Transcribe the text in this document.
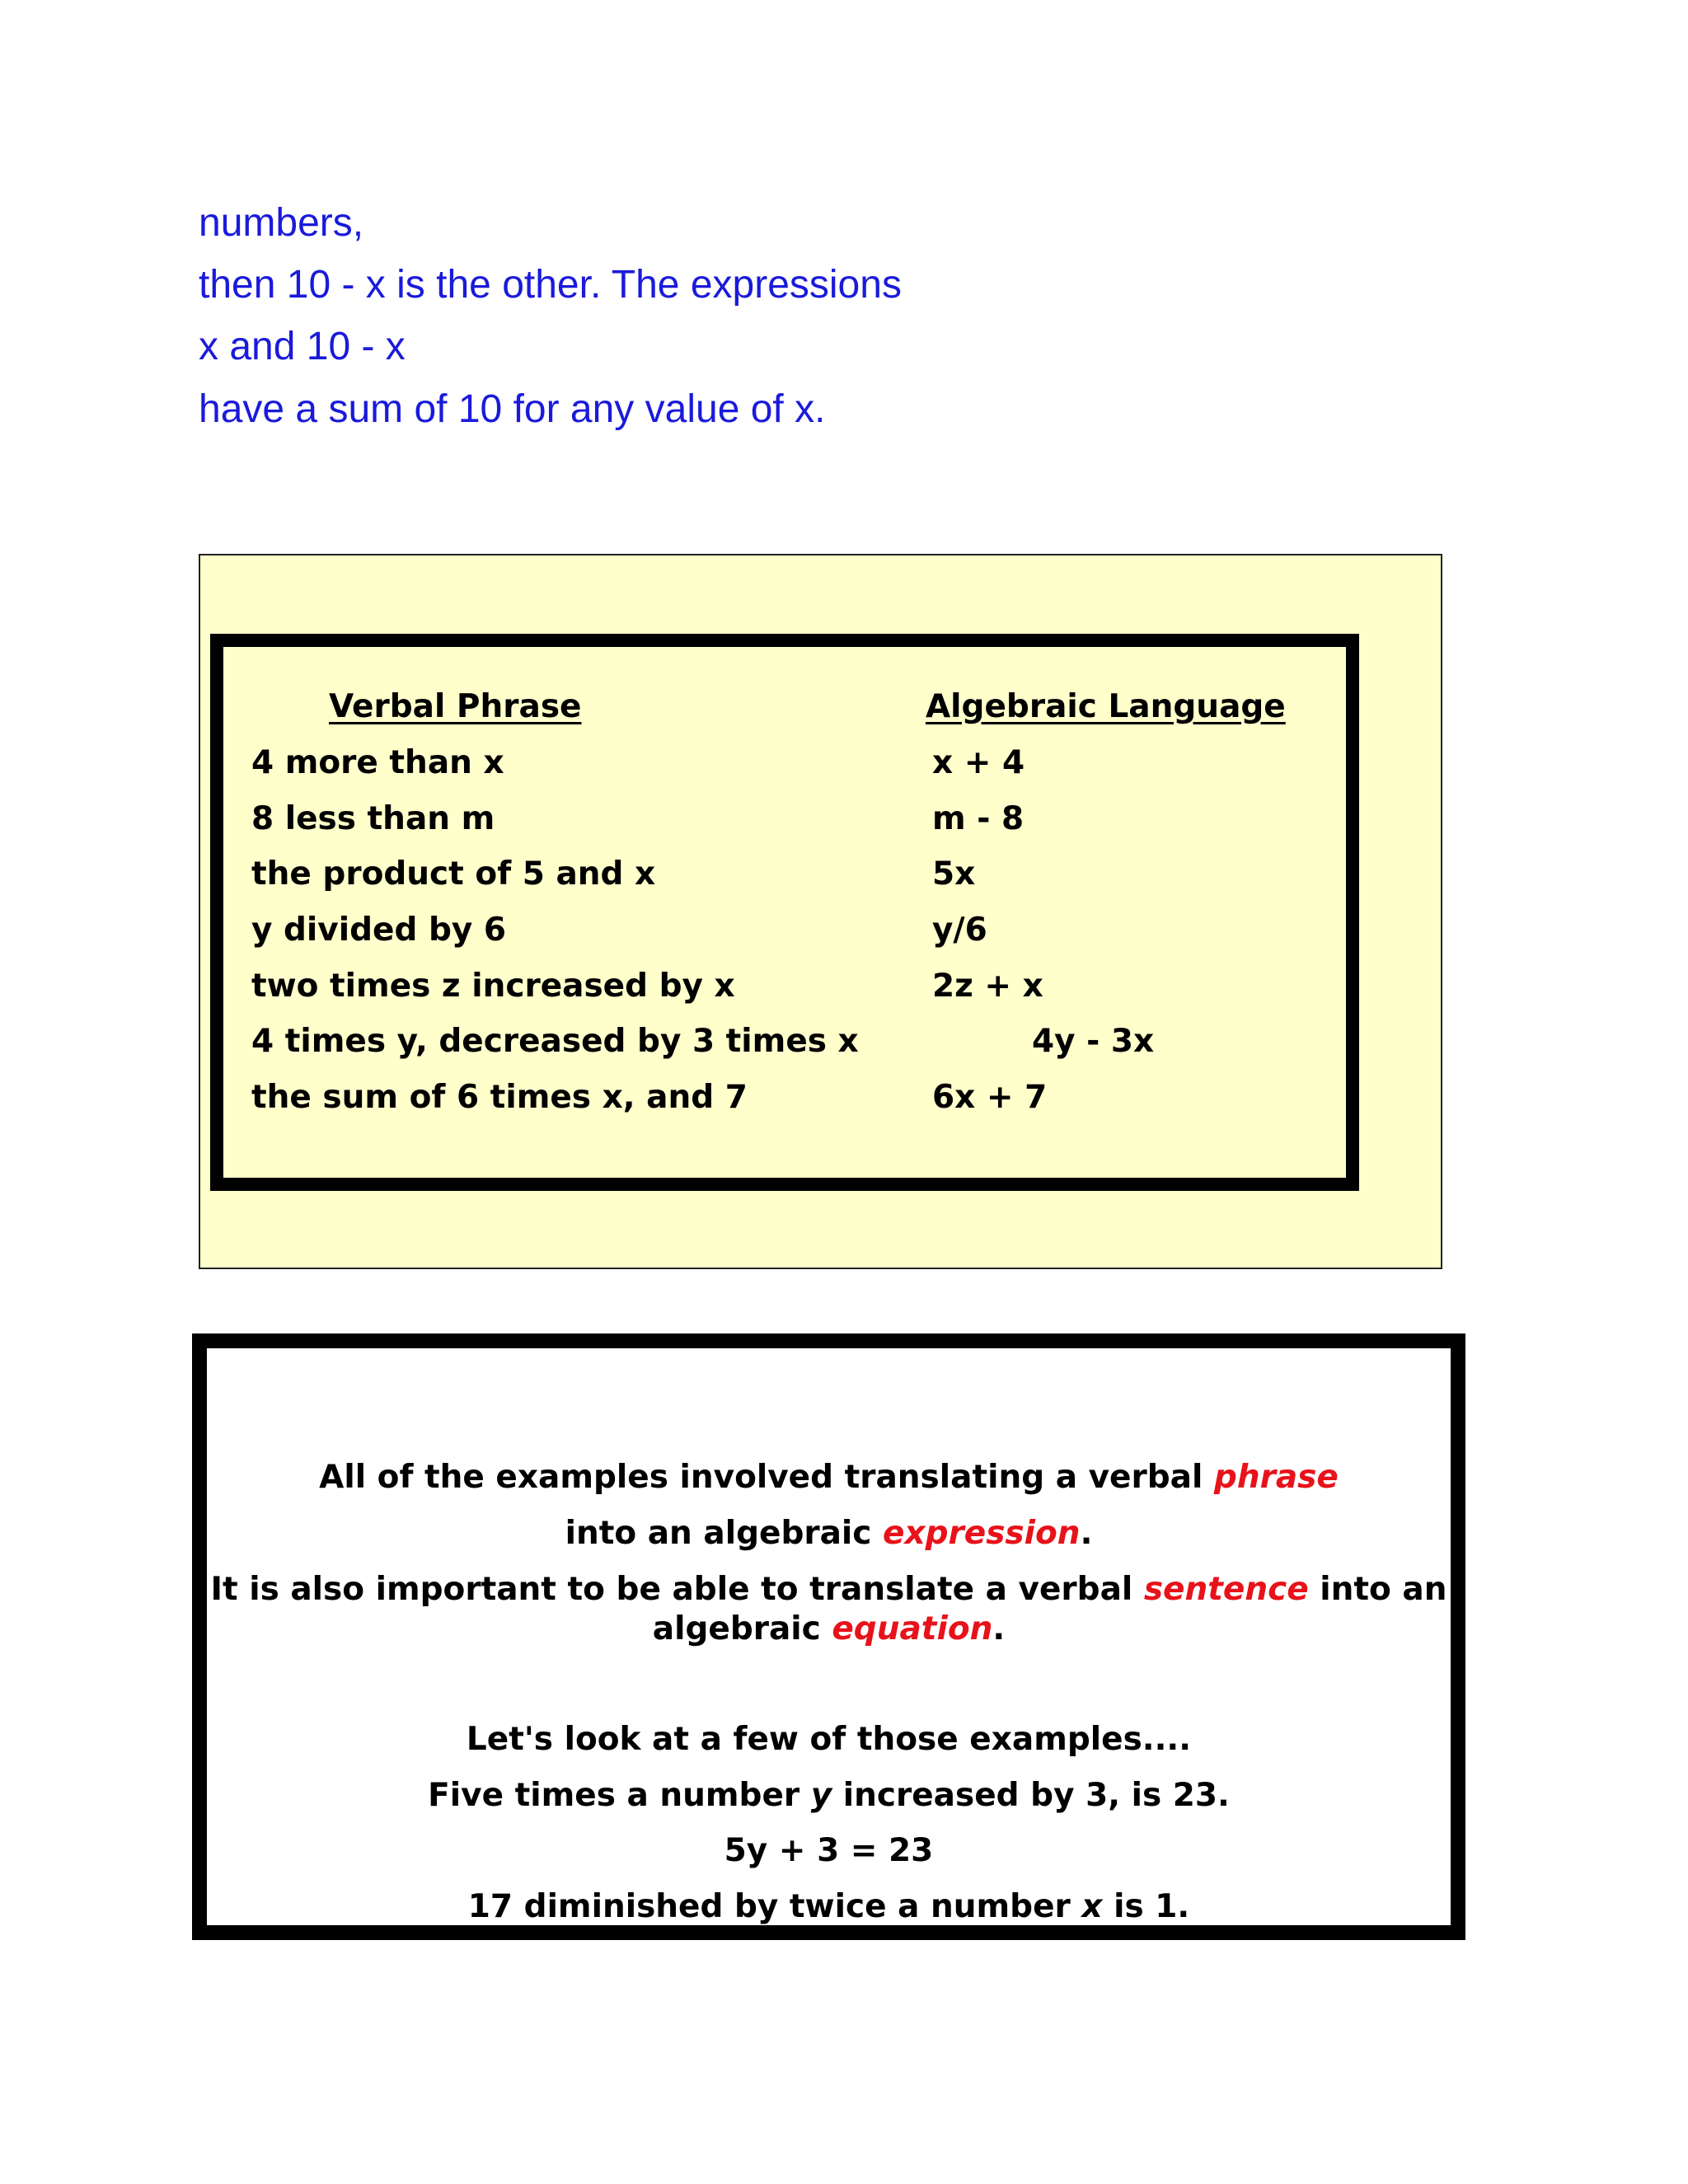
numbers,
then 10 - x is the other. The expressions
x and 10 - x
have a sum of 10 for any value of x.
Verbal Phrase	Algebraic Language
4 more than x	x + 4
8 less than m	m - 8
the product of 5 and x	5x
y divided by 6	y/6
two times z increased by x	2z + x
4 times y, decreased by 3 times x	4y - 3x
the sum of 6 times x, and 7	6x + 7
All of the examples involved translating a verbal phrase
into an algebraic expression.
It is also important to be able to translate a verbal sentence into an
algebraic equation.
Let's look at a few of those examples....
Five times a number y increased by 3, is 23.
5y + 3 = 23
17 diminished by twice a number x is 1.
